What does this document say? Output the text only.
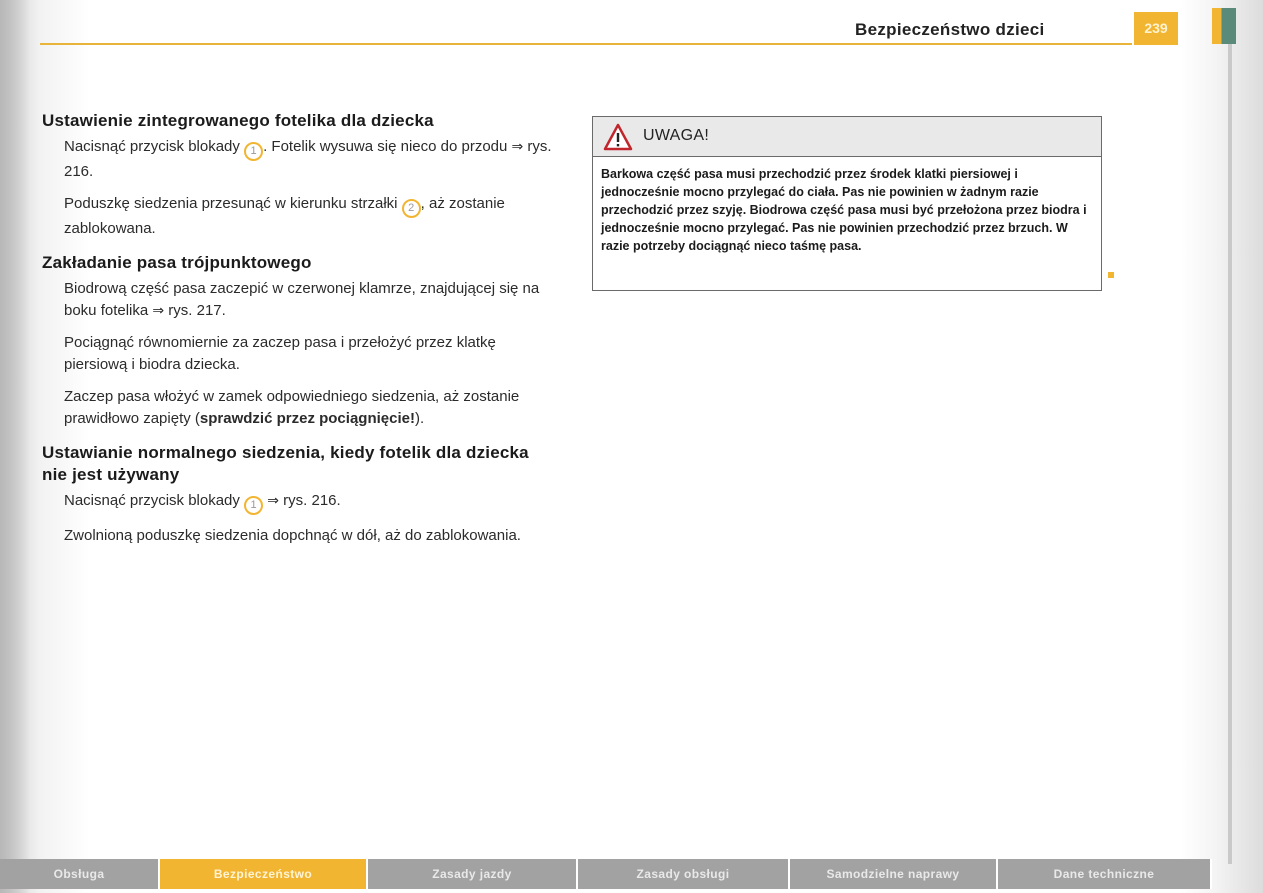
Bezpieczeństwo dzieci	239
Ustawienie zintegrowanego fotelika dla dziecka

Nacisnąć przycisk blokady 1 . Fotelik wysuwa się nieco do przodu ⇒ rys. 216.

Poduszkę siedzenia przesunąć w kierunku strzałki 2 , aż zostanie zablokowana.

Zakładanie pasa trójpunktowego

Biodrową część pasa zaczepić w czerwonej klamrze, znajdującej się na boku fotelika ⇒ rys. 217.

Pociągnąć równomiernie za zaczep pasa i przełożyć przez klatkę piersiową i biodra dziecka.

Zaczep pasa włożyć w zamek odpowiedniego siedzenia, aż zostanie prawidłowo zapięty (sprawdzić przez pociągnięcie!).

Ustawianie normalnego siedzenia, kiedy fotelik dla dziecka nie jest używany

Nacisnąć przycisk blokady 1 ⇒ rys. 216.

Zwolnioną poduszkę siedzenia dopchnąć w dół, aż do zablokowania.

UWAGA!
Barkowa część pasa musi przechodzić przez środek klatki piersiowej i jednocześnie mocno przylegać do ciała. Pas nie powinien w żadnym razie przechodzić przez szyję. Biodrowa część pasa musi być przełożona przez biodra i jednocześnie mocno przylegać. Pas nie powinien przechodzić przez brzuch. W razie potrzeby dociągnąć nieco taśmę pasa.
Obsługa	Bezpieczeństwo	Zasady jazdy	Zasady obsługi	Samodzielne naprawy	Dane techniczne
